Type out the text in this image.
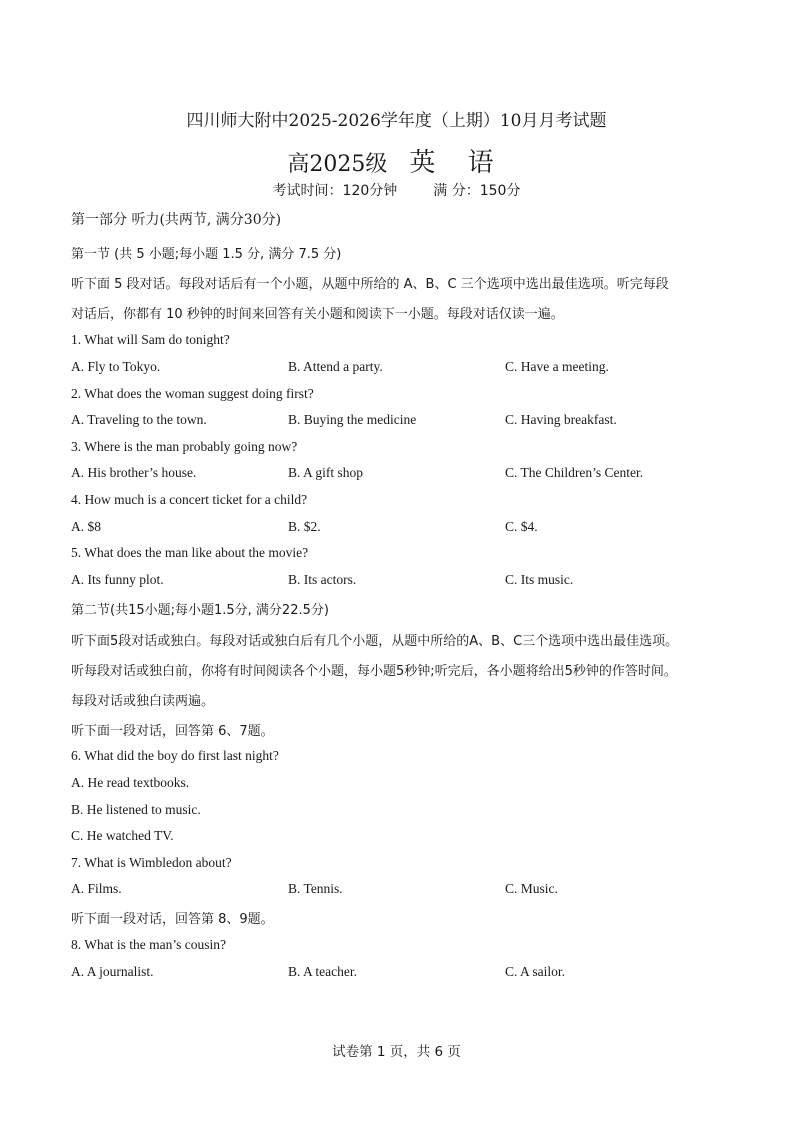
四川师大附中2025-2026学年度（上期）10月月考试题
高2025级 英 语
考试时间：120分钟	满 分：150分
第一部分 听力(共两节, 满分30分)
第一节 (共 5 小题;每小题 1.5 分, 满分 7.5 分)
听下面 5 段对话。每段对话后有一个小题，从题中所给的 A、B、C 三个选项中选出最佳选项。听完每段
对话后，你都有 10 秒钟的时间来回答有关小题和阅读下一小题。每段对话仅读一遍。
1. What will Sam do tonight?
A. Fly to Tokyo.	B. Attend a party.	C. Have a meeting.
2. What does the woman suggest doing first?
A. Traveling to the town.	B. Buying the medicine	C. Having breakfast.
3. Where is the man probably going now?
A. His brother’s house.	B. A gift shop	C. The Children’s Center.
4. How much is a concert ticket for a child?
A. $8	B. $2.	C. $4.
5. What does the man like about the movie?
A. Its funny plot.	B. Its actors.	C. Its music.
第二节(共15小题;每小题1.5分, 满分22.5分)
听下面5段对话或独白。每段对话或独白后有几个小题，从题中所给的A、B、C三个选项中选出最佳选项。
听每段对话或独白前，你将有时间阅读各个小题，每小题5秒钟;听完后，各小题将给出5秒钟的作答时间。
每段对话或独白读两遍。
听下面一段对话，回答第 6、7题。
6. What did the boy do first last night?
A. He read textbooks.
B. He listened to music.
C. He watched TV.
7. What is Wimbledon about?
A. Films.	B. Tennis.	C. Music.
听下面一段对话，回答第 8、9题。
8. What is the man’s cousin?
A. A journalist.	B. A teacher.	C. A sailor.
试卷第 1 页，共 6 页
